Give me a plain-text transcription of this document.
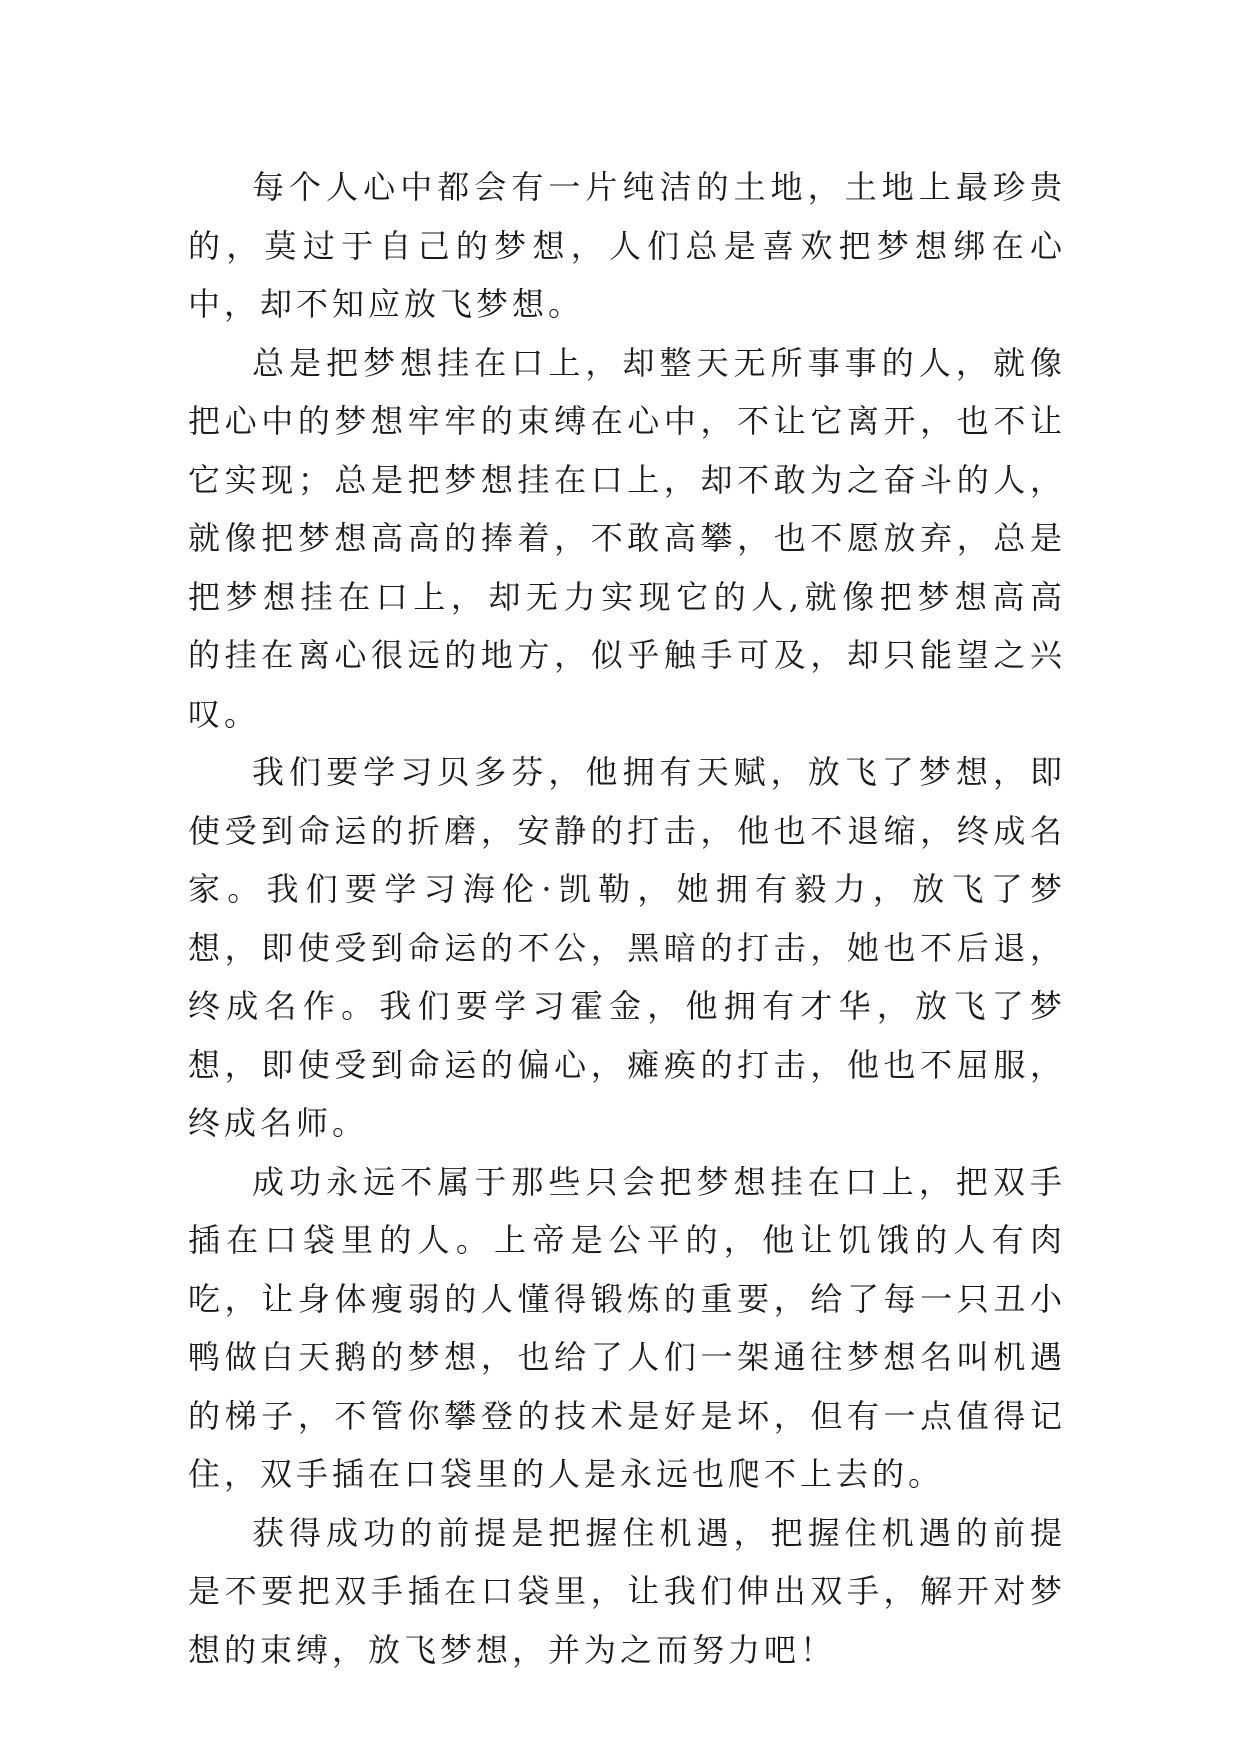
每个人心中都会有一片纯洁的土地，土地上最珍贵的，莫过于自己的梦想，人们总是喜欢把梦想绑在心中，却不知应放飞梦想。

总是把梦想挂在口上，却整天无所事事的人，就像把心中的梦想牢牢的束缚在心中，不让它离开，也不让它实现；总是把梦想挂在口上，却不敢为之奋斗的人，就像把梦想高高的捧着，不敢高攀，也不愿放弃，总是把梦想挂在口上，却无力实现它的人,就像把梦想高高的挂在离心很远的地方，似乎触手可及，却只能望之兴叹。

我们要学习贝多芬，他拥有天赋，放飞了梦想，即使受到命运的折磨，安静的打击，他也不退缩，终成名家。我们要学习海伦·凯勒，她拥有毅力，放飞了梦想，即使受到命运的不公，黑暗的打击，她也不后退，终成名作。我们要学习霍金，他拥有才华，放飞了梦想，即使受到命运的偏心，瘫痪的打击，他也不屈服，终成名师。

成功永远不属于那些只会把梦想挂在口上，把双手插在口袋里的人。上帝是公平的，他让饥饿的人有肉吃，让身体瘦弱的人懂得锻炼的重要，给了每一只丑小鸭做白天鹅的梦想，也给了人们一架通往梦想名叫机遇的梯子，不管你攀登的技术是好是坏，但有一点值得记住，双手插在口袋里的人是永远也爬不上去的。

获得成功的前提是把握住机遇，把握住机遇的前提是不要把双手插在口袋里，让我们伸出双手，解开对梦想的束缚，放飞梦想，并为之而努力吧！
